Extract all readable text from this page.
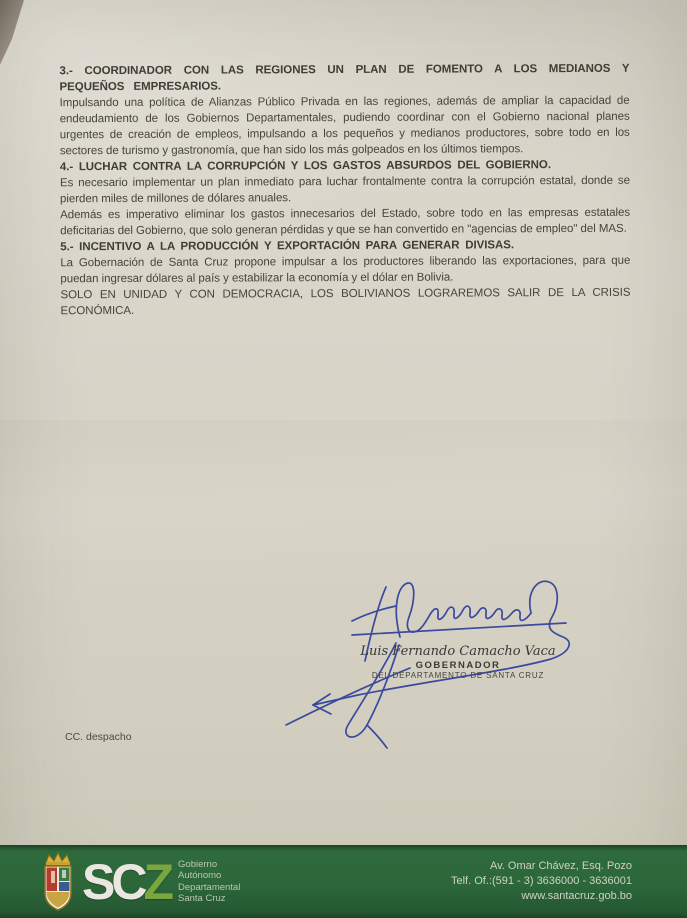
3.- COORDINADOR CON LAS REGIONES UN PLAN DE FOMENTO A LOS MEDIANOS Y PEQUEÑOS EMPRESARIOS.

Impulsando una política de Alianzas Público Privada en las regiones, además de ampliar la capacidad de endeudamiento de los Gobiernos Departamentales, pudiendo coordinar con el Gobierno nacional planes urgentes de creación de empleos, impulsando a los pequeños y medianos productores, sobre todo en los sectores de turismo y gastronomía, que han sido los más golpeados en los últimos tiempos.

4.- LUCHAR CONTRA LA CORRUPCIÓN Y LOS GASTOS ABSURDOS DEL GOBIERNO.

Es necesario implementar un plan inmediato para luchar frontalmente contra la corrupción estatal, donde se pierden miles de millones de dólares anuales.

Además es imperativo eliminar los gastos innecesarios del Estado, sobre todo en las empresas estatales deficitarias del Gobierno, que solo generan pérdidas y que se han convertido en "agencias de empleo" del MAS.

5.- INCENTIVO A LA PRODUCCIÓN Y EXPORTACIÓN PARA GENERAR DIVISAS.

La Gobernación de Santa Cruz propone impulsar a los productores liberando las exportaciones, para que puedan ingresar dólares al país y estabilizar la economía y el dólar en Bolivia.

SOLO EN UNIDAD Y CON DEMOCRACIA, LOS BOLIVIANOS LOGRAREMOS SALIR DE LA CRISIS ECONÓMICA.

Luis Fernando Camacho Vaca
GOBERNADOR
DEL DEPARTAMENTO DE SANTA CRUZ
CC. despacho
SCZ Gobierno
Autónomo
Departamental
Santa Cruz
Av. Omar Chávez, Esq. Pozo
Telf. Of.:(591 - 3) 3636000 - 3636001
www.santacruz.gob.bo
